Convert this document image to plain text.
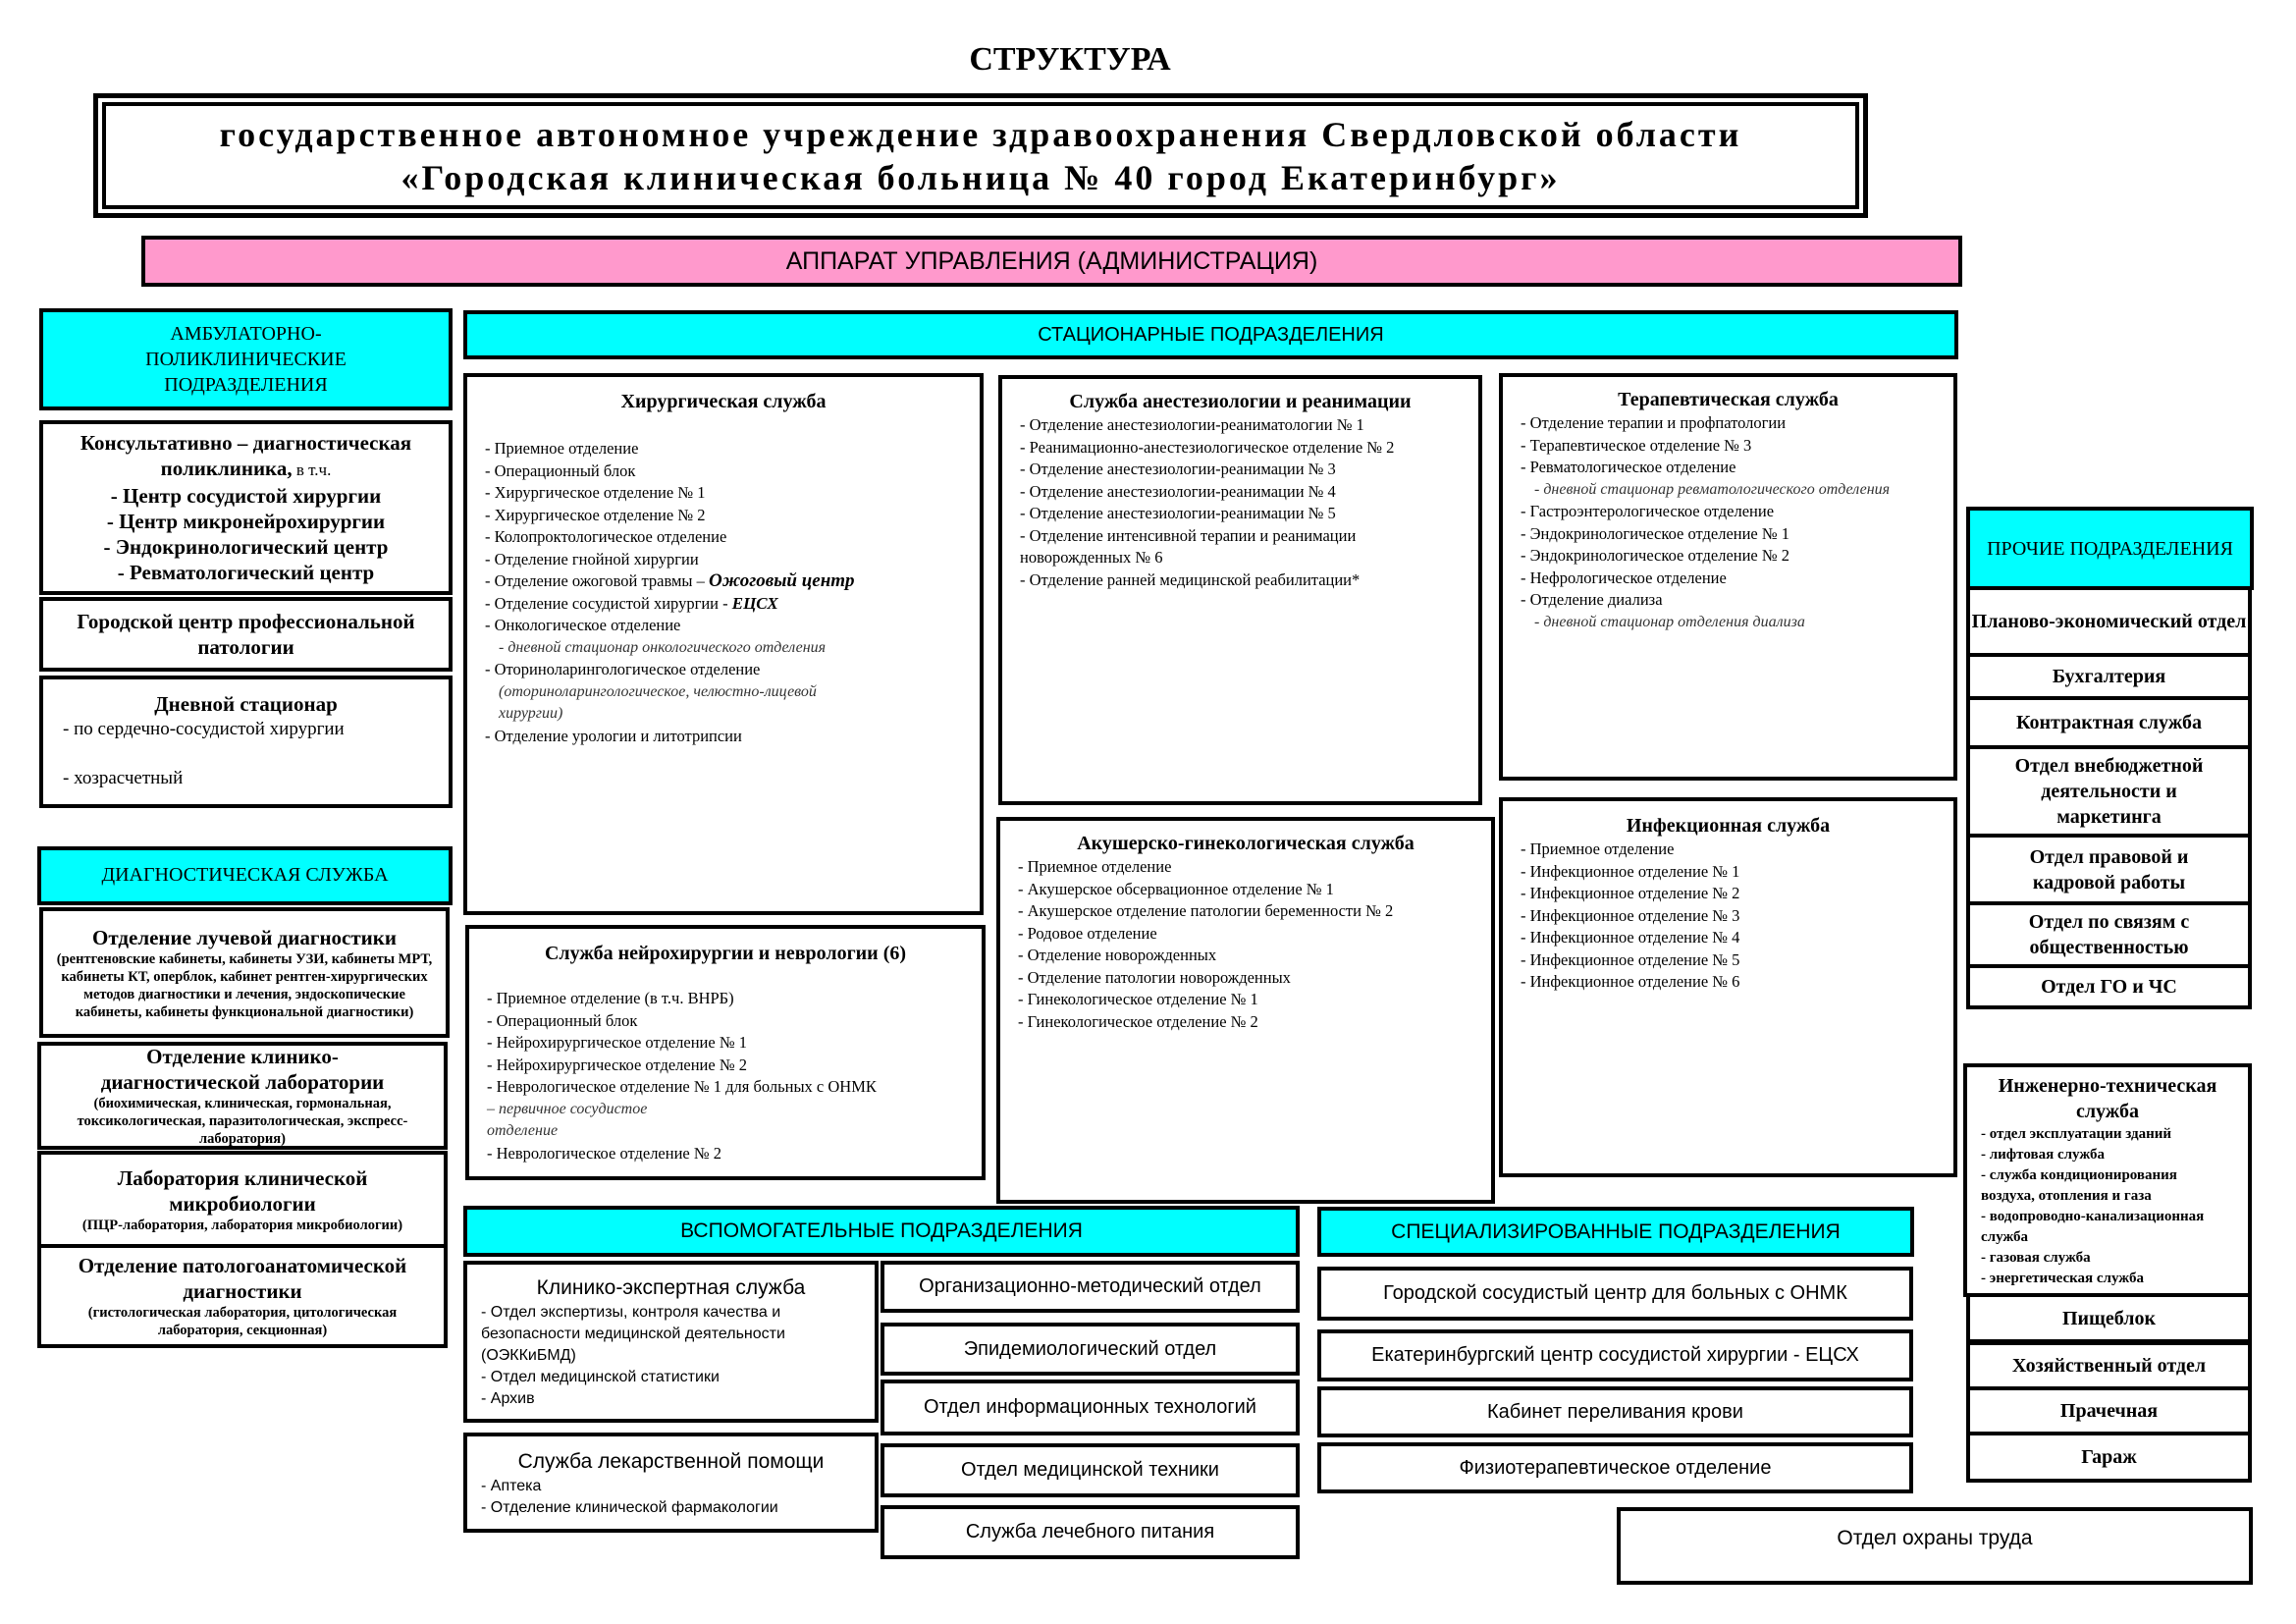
СТРУКТУРА
государственное автономное учреждение здравоохранения Свердловской области
«Городская клиническая больница № 40 город Екатеринбург»
АППАРАТ УПРАВЛЕНИЯ (АДМИНИСТРАЦИЯ)
АМБУЛАТОРНО-ПОЛИКЛИНИЧЕСКИЕ ПОДРАЗДЕЛЕНИЯ
Консультативно – диагностическая поликлиника, в т.ч.
- Центр сосудистой хирургии
- Центр микронейрохирургии
- Эндокринологический центр
- Ревматологический центр
Городской центр профессиональной патологии
Дневной стационар
- по сердечно-сосудистой хирургии
- хозрасчетный
ДИАГНОСТИЧЕСКАЯ СЛУЖБА
Отделение лучевой диагностики
(рентгеновские кабинеты, кабинеты УЗИ, кабинеты МРТ, кабинеты КТ, оперблок, кабинет рентген-хирургических методов диагностики и лечения, эндоскопические кабинеты, кабинеты функциональной диагностики)
Отделение клинико-диагностической лаборатории
(биохимическая, клиническая, гормональная, токсикологическая, паразитологическая, экспресс-лаборатория)
Лаборатория клинической микробиологии
(ПЦР-лаборатория, лаборатория микробиологии)
Отделение патологоанатомической диагностики
(гистологическая лаборатория, цитологическая лаборатория, секционная)
СТАЦИОНАРНЫЕ ПОДРАЗДЕЛЕНИЯ
Хирургическая служба
- Приемное отделение
- Операционный блок
- Хирургическое отделение № 1
- Хирургическое отделение № 2
- Колопроктологическое отделение
- Отделение гнойной хирургии
- Отделение ожоговой травмы – Ожоговый центр
- Отделение сосудистой хирургии - ЕЦСХ
- Онкологическое отделение
- дневной стационар онкологического отделения
- Оториноларингологическое отделение
(оториноларингологическое, челюстно-лицевой хирургии)
- Отделение урологии и литотрипсии
Служба нейрохирургии и неврологии (6)
- Приемное отделение (в т.ч. ВНРБ)
- Операционный блок
- Нейрохирургическое отделение № 1
- Нейрохирургическое отделение № 2
- Неврологическое отделение № 1 для больных с ОНМК
– первичное сосудистое отделение
- Неврологическое отделение № 2
Служба анестезиологии и реанимации
- Отделение анестезиологии-реаниматологии № 1
- Реанимационно-анестезиологическое отделение № 2
- Отделение анестезиологии-реанимации № 3
- Отделение анестезиологии-реанимации № 4
- Отделение анестезиологии-реанимации № 5
- Отделение интенсивной терапии и реанимации новорожденных № 6
- Отделение ранней медицинской реабилитации*
Акушерско-гинекологическая служба
- Приемное отделение
- Акушерское обсервационное отделение № 1
- Акушерское отделение патологии беременности № 2
- Родовое отделение
- Отделение новорожденных
- Отделение патологии новорожденных
- Гинекологическое отделение № 1
- Гинекологическое отделение № 2
Терапевтическая служба
- Отделение терапии и профпатологии
- Терапевтическое отделение № 3
- Ревматологическое отделение
- дневной стационар ревматологического отделения
- Гастроэнтерологическое отделение
- Эндокринологическое отделение № 1
- Эндокринологическое отделение № 2
- Нефрологическое отделение
- Отделение диализа
- дневной стационар отделения диализа
Инфекционная служба
- Приемное отделение
- Инфекционное отделение № 1
- Инфекционное отделение № 2
- Инфекционное отделение № 3
- Инфекционное отделение № 4
- Инфекционное отделение № 5
- Инфекционное отделение № 6
ВСПОМОГАТЕЛЬНЫЕ ПОДРАЗДЕЛЕНИЯ
Клинико-экспертная служба
- Отдел экспертизы, контроля качества и безопасности медицинской деятельности (ОЭККиБМД)
- Отдел медицинской статистики
- Архив
Служба лекарственной помощи
- Аптека
- Отделение клинической фармакологии
Организационно-методический отдел
Эпидемиологический отдел
Отдел информационных технологий
Отдел медицинской техники
Служба лечебного питания
СПЕЦИАЛИЗИРОВАННЫЕ ПОДРАЗДЕЛЕНИЯ
Городской сосудистый центр для больных с ОНМК
Екатеринбургский центр сосудистой хирургии - ЕЦСХ
Кабинет переливания крови
Физиотерапевтическое отделение
ПРОЧИЕ ПОДРАЗДЕЛЕНИЯ
Планово-экономический отдел
Бухгалтерия
Контрактная служба
Отдел внебюджетной деятельности и маркетинга
Отдел правовой и кадровой работы
Отдел по связям с общественностью
Отдел ГО и ЧС
Инженерно-техническая служба
- отдел эксплуатации зданий
- лифтовая служба
- служба кондиционирования воздуха, отопления и газа
- водопроводно-канализационная служба
- газовая служба
- энергетическая служба
Пищеблок
Хозяйственный отдел
Прачечная
Гараж
Отдел охраны труда
